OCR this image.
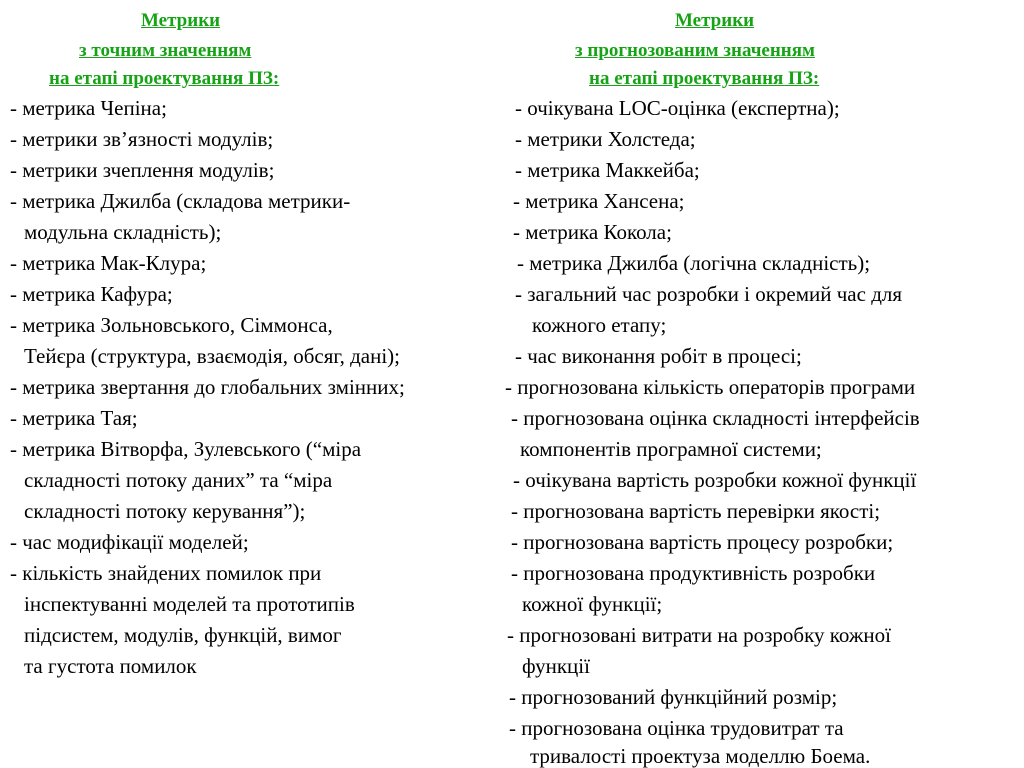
Метрики

з точним значенням

на етапі проектування ПЗ:

Метрики

з прогнозованим значенням

на етапі проектування ПЗ:

- метрика Чепіна;

- метрики зв’язності модулів;

- метрики зчеплення модулів;

- метрика Джилба (складова метрики-

модульна складність);

- метрика Мак-Клура;

- метрика Кафура;

- метрика Зольновського, Сіммонса,

Тейєра (структура, взаємодія, обсяг, дані);

- метрика звертання до глобальних змінних;

- метрика Тая;

- метрика Вітворфа, Зулевського (“міра

складності потоку даних” та “міра

складності потоку керування”);

- час модифікації моделей;

- кількість знайдених помилок при

інспектуванні моделей та прототипів

підсистем, модулів, функцій, вимог

та густота помилок

- очікувана LOC-оцінка (експертна);

- метрики Холстеда;

- метрика Маккейба;

- метрика Хансена;

- метрика Кокола;

- метрика Джилба (логічна складність);

- загальний час розробки і окремий час для

кожного етапу;

- час виконання робіт в процесі;

- прогнозована кількість операторів програми

- прогнозована оцінка складності інтерфейсів

компонентів програмної системи;

- очікувана вартість розробки кожної функції

- прогнозована вартість перевірки якості;

- прогнозована вартість процесу розробки;

- прогнозована продуктивність розробки

кожної функції;

- прогнозовані витрати на розробку кожної

функції

- прогнозований функційний розмір;

- прогнозована оцінка трудовитрат та

тривалості проектуза моделлю Боема.
